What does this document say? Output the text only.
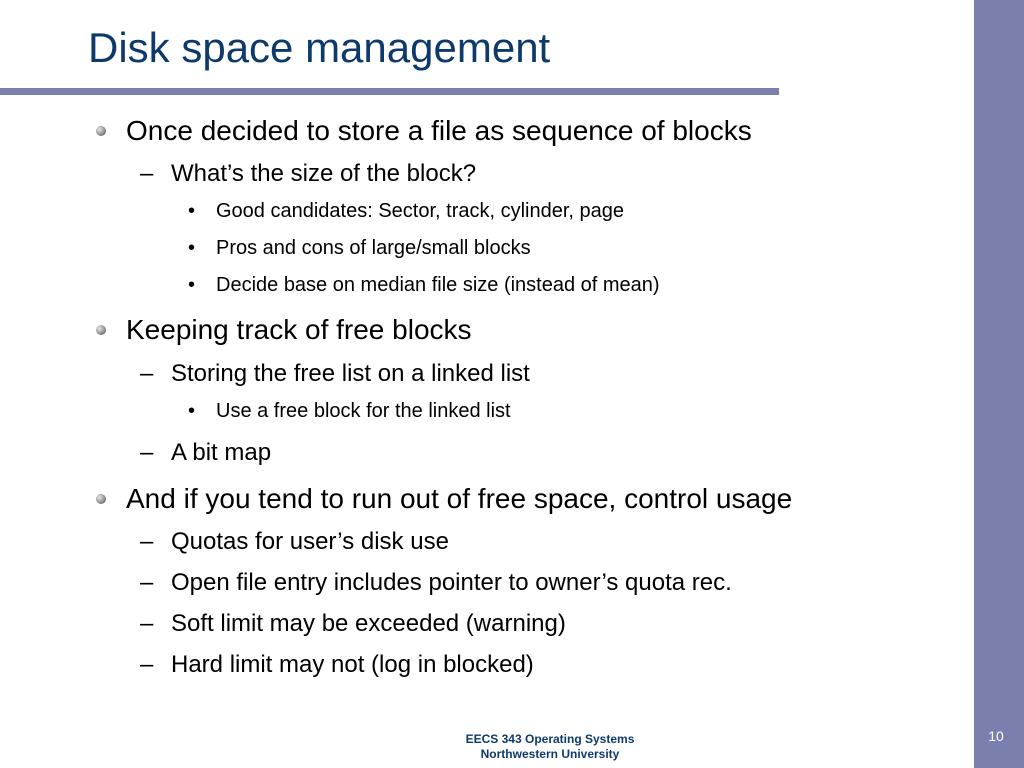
Disk space management
Once decided to store a file as sequence of blocks
– What’s the size of the block?
• Good candidates: Sector, track, cylinder, page
• Pros and cons of large/small blocks
• Decide base on median file size (instead of mean)
Keeping track of free blocks
– Storing the free list on a linked list
• Use a free block for the linked list
– A bit map
And if you tend to run out of free space, control usage
– Quotas for user’s disk use
– Open file entry includes pointer to owner’s quota rec.
– Soft limit may be exceeded (warning)
– Hard limit may not (log in blocked)
EECS 343 Operating Systems
Northwestern University
10
